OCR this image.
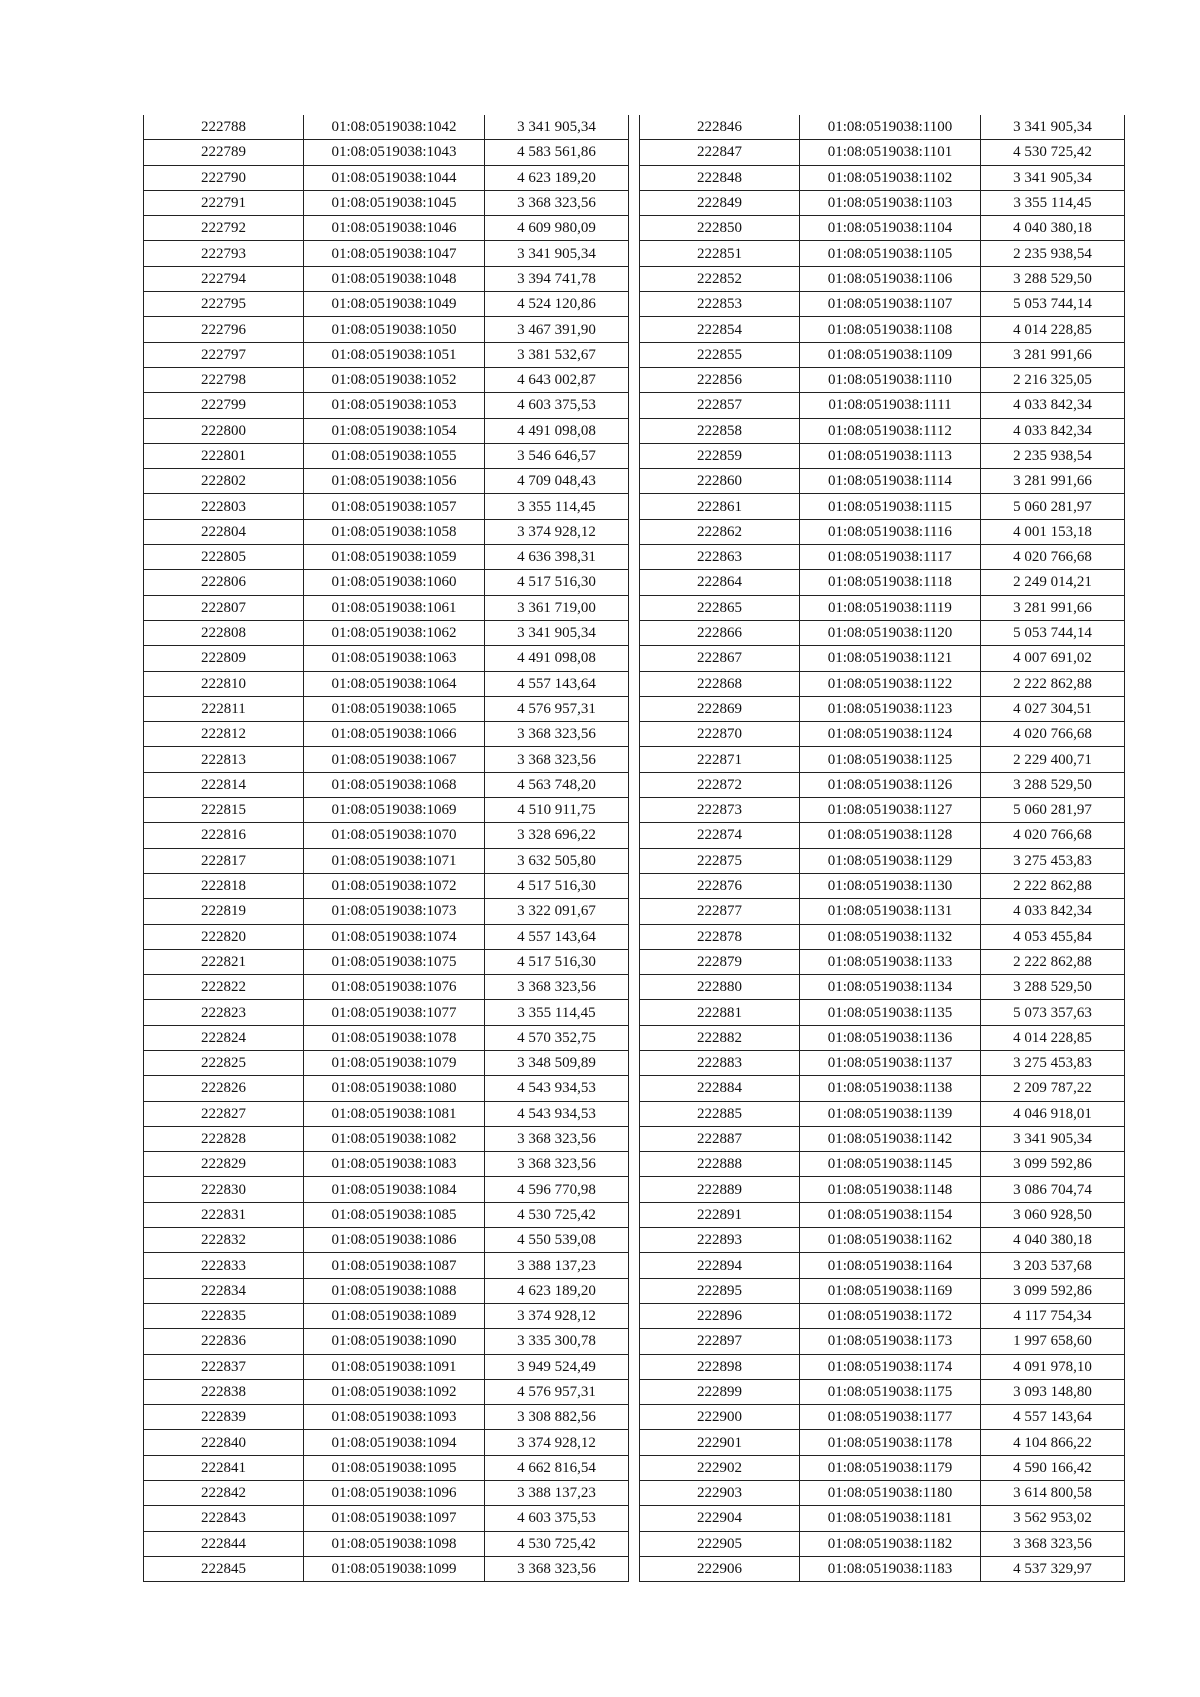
222788	01:08:0519038:1042	3 341 905,34
222789	01:08:0519038:1043	4 583 561,86
222790	01:08:0519038:1044	4 623 189,20
222791	01:08:0519038:1045	3 368 323,56
222792	01:08:0519038:1046	4 609 980,09
222793	01:08:0519038:1047	3 341 905,34
222794	01:08:0519038:1048	3 394 741,78
222795	01:08:0519038:1049	4 524 120,86
222796	01:08:0519038:1050	3 467 391,90
222797	01:08:0519038:1051	3 381 532,67
222798	01:08:0519038:1052	4 643 002,87
222799	01:08:0519038:1053	4 603 375,53
222800	01:08:0519038:1054	4 491 098,08
222801	01:08:0519038:1055	3 546 646,57
222802	01:08:0519038:1056	4 709 048,43
222803	01:08:0519038:1057	3 355 114,45
222804	01:08:0519038:1058	3 374 928,12
222805	01:08:0519038:1059	4 636 398,31
222806	01:08:0519038:1060	4 517 516,30
222807	01:08:0519038:1061	3 361 719,00
222808	01:08:0519038:1062	3 341 905,34
222809	01:08:0519038:1063	4 491 098,08
222810	01:08:0519038:1064	4 557 143,64
222811	01:08:0519038:1065	4 576 957,31
222812	01:08:0519038:1066	3 368 323,56
222813	01:08:0519038:1067	3 368 323,56
222814	01:08:0519038:1068	4 563 748,20
222815	01:08:0519038:1069	4 510 911,75
222816	01:08:0519038:1070	3 328 696,22
222817	01:08:0519038:1071	3 632 505,80
222818	01:08:0519038:1072	4 517 516,30
222819	01:08:0519038:1073	3 322 091,67
222820	01:08:0519038:1074	4 557 143,64
222821	01:08:0519038:1075	4 517 516,30
222822	01:08:0519038:1076	3 368 323,56
222823	01:08:0519038:1077	3 355 114,45
222824	01:08:0519038:1078	4 570 352,75
222825	01:08:0519038:1079	3 348 509,89
222826	01:08:0519038:1080	4 543 934,53
222827	01:08:0519038:1081	4 543 934,53
222828	01:08:0519038:1082	3 368 323,56
222829	01:08:0519038:1083	3 368 323,56
222830	01:08:0519038:1084	4 596 770,98
222831	01:08:0519038:1085	4 530 725,42
222832	01:08:0519038:1086	4 550 539,08
222833	01:08:0519038:1087	3 388 137,23
222834	01:08:0519038:1088	4 623 189,20
222835	01:08:0519038:1089	3 374 928,12
222836	01:08:0519038:1090	3 335 300,78
222837	01:08:0519038:1091	3 949 524,49
222838	01:08:0519038:1092	4 576 957,31
222839	01:08:0519038:1093	3 308 882,56
222840	01:08:0519038:1094	3 374 928,12
222841	01:08:0519038:1095	4 662 816,54
222842	01:08:0519038:1096	3 388 137,23
222843	01:08:0519038:1097	4 603 375,53
222844	01:08:0519038:1098	4 530 725,42
222845	01:08:0519038:1099	3 368 323,56
222846	01:08:0519038:1100	3 341 905,34
222847	01:08:0519038:1101	4 530 725,42
222848	01:08:0519038:1102	3 341 905,34
222849	01:08:0519038:1103	3 355 114,45
222850	01:08:0519038:1104	4 040 380,18
222851	01:08:0519038:1105	2 235 938,54
222852	01:08:0519038:1106	3 288 529,50
222853	01:08:0519038:1107	5 053 744,14
222854	01:08:0519038:1108	4 014 228,85
222855	01:08:0519038:1109	3 281 991,66
222856	01:08:0519038:1110	2 216 325,05
222857	01:08:0519038:1111	4 033 842,34
222858	01:08:0519038:1112	4 033 842,34
222859	01:08:0519038:1113	2 235 938,54
222860	01:08:0519038:1114	3 281 991,66
222861	01:08:0519038:1115	5 060 281,97
222862	01:08:0519038:1116	4 001 153,18
222863	01:08:0519038:1117	4 020 766,68
222864	01:08:0519038:1118	2 249 014,21
222865	01:08:0519038:1119	3 281 991,66
222866	01:08:0519038:1120	5 053 744,14
222867	01:08:0519038:1121	4 007 691,02
222868	01:08:0519038:1122	2 222 862,88
222869	01:08:0519038:1123	4 027 304,51
222870	01:08:0519038:1124	4 020 766,68
222871	01:08:0519038:1125	2 229 400,71
222872	01:08:0519038:1126	3 288 529,50
222873	01:08:0519038:1127	5 060 281,97
222874	01:08:0519038:1128	4 020 766,68
222875	01:08:0519038:1129	3 275 453,83
222876	01:08:0519038:1130	2 222 862,88
222877	01:08:0519038:1131	4 033 842,34
222878	01:08:0519038:1132	4 053 455,84
222879	01:08:0519038:1133	2 222 862,88
222880	01:08:0519038:1134	3 288 529,50
222881	01:08:0519038:1135	5 073 357,63
222882	01:08:0519038:1136	4 014 228,85
222883	01:08:0519038:1137	3 275 453,83
222884	01:08:0519038:1138	2 209 787,22
222885	01:08:0519038:1139	4 046 918,01
222887	01:08:0519038:1142	3 341 905,34
222888	01:08:0519038:1145	3 099 592,86
222889	01:08:0519038:1148	3 086 704,74
222891	01:08:0519038:1154	3 060 928,50
222893	01:08:0519038:1162	4 040 380,18
222894	01:08:0519038:1164	3 203 537,68
222895	01:08:0519038:1169	3 099 592,86
222896	01:08:0519038:1172	4 117 754,34
222897	01:08:0519038:1173	1 997 658,60
222898	01:08:0519038:1174	4 091 978,10
222899	01:08:0519038:1175	3 093 148,80
222900	01:08:0519038:1177	4 557 143,64
222901	01:08:0519038:1178	4 104 866,22
222902	01:08:0519038:1179	4 590 166,42
222903	01:08:0519038:1180	3 614 800,58
222904	01:08:0519038:1181	3 562 953,02
222905	01:08:0519038:1182	3 368 323,56
222906	01:08:0519038:1183	4 537 329,97
